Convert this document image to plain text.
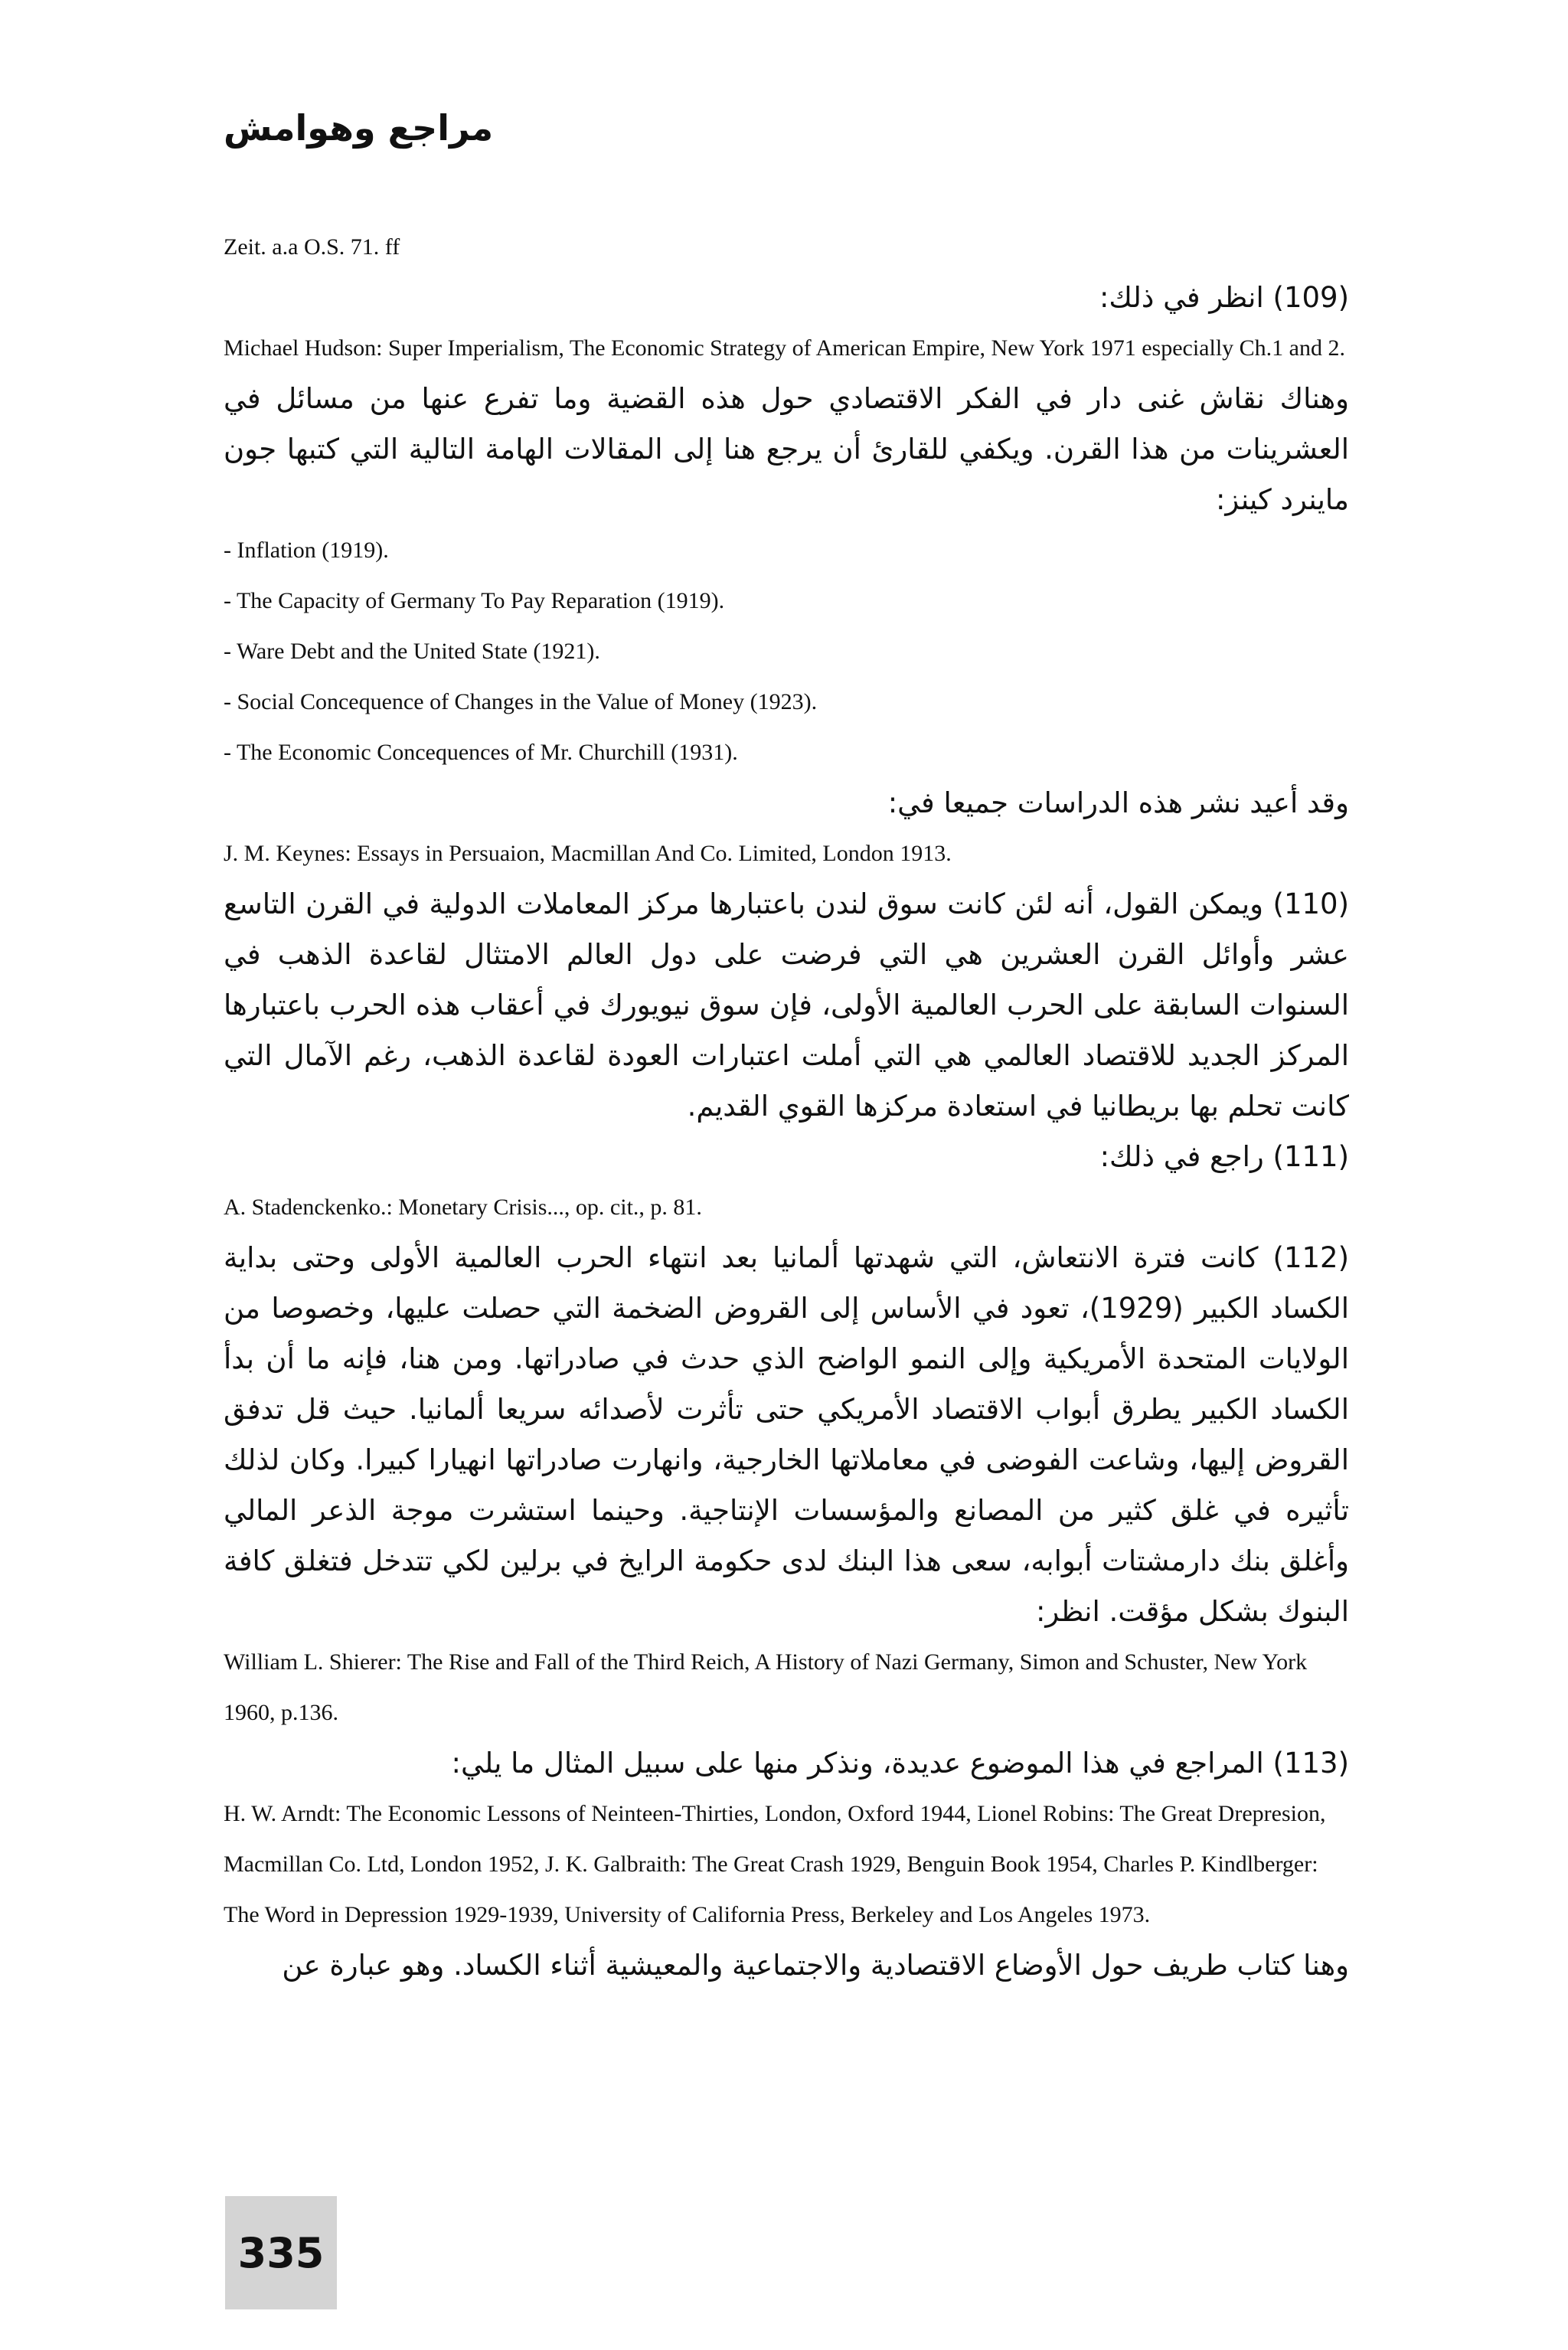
مراجع وهوامش

Zeit. a.a O.S. 71. ff

(109) انظر في ذلك:

Michael Hudson: Super Imperialism, The Economic Strategy of American Empire, New York 1971 especially Ch.1 and 2.

وهناك نقاش غنى دار في الفكر الاقتصادي حول هذه القضية وما تفرع عنها من مسائل في العشرينات من هذا القرن. ويكفي للقارئ أن يرجع هنا إلى المقالات الهامة التالية التي كتبها جون ماينرد كينز:

- Inflation (1919).

- The Capacity of Germany To Pay Reparation (1919).

- Ware Debt and the United State (1921).

- Social Concequence of Changes in the Value of Money (1923).

- The Economic Concequences of Mr. Churchill (1931).

وقد أعيد نشر هذه الدراسات جميعا في:

J. M. Keynes: Essays in Persuaion, Macmillan And Co. Limited, London 1913.

(110) ويمكن القول، أنه لئن كانت سوق لندن باعتبارها مركز المعاملات الدولية في القرن التاسع عشر وأوائل القرن العشرين هي التي فرضت على دول العالم الامتثال لقاعدة الذهب في السنوات السابقة على الحرب العالمية الأولى، فإن سوق نيويورك في أعقاب هذه الحرب باعتبارها المركز الجديد للاقتصاد العالمي هي التي أملت اعتبارات العودة لقاعدة الذهب، رغم الآمال التي كانت تحلم بها بريطانيا في استعادة مركزها القوي القديم.

(111) راجع في ذلك:

A. Stadenckenko.: Monetary Crisis..., op. cit., p. 81.

(112) كانت فترة الانتعاش، التي شهدتها ألمانيا بعد انتهاء الحرب العالمية الأولى وحتى بداية الكساد الكبير (1929)، تعود في الأساس إلى القروض الضخمة التي حصلت عليها، وخصوصا من الولايات المتحدة الأمريكية وإلى النمو الواضح الذي حدث في صادراتها. ومن هنا، فإنه ما أن بدأ الكساد الكبير يطرق أبواب الاقتصاد الأمريكي حتى تأثرت لأصدائه سريعا ألمانيا. حيث قل تدفق القروض إليها، وشاعت الفوضى في معاملاتها الخارجية، وانهارت صادراتها انهيارا كبيرا. وكان لذلك تأثيره في غلق كثير من المصانع والمؤسسات الإنتاجية. وحينما استشرت موجة الذعر المالي وأغلق بنك دارمشتات أبوابه، سعى هذا البنك لدى حكومة الرايخ في برلين لكي تتدخل فتغلق كافة البنوك بشكل مؤقت. انظر:

William L. Shierer: The Rise and Fall of the Third Reich, A History of Nazi Germany, Simon and Schuster, New York 1960, p.136.

(113) المراجع في هذا الموضوع عديدة، ونذكر منها على سبيل المثال ما يلي:

H. W. Arndt: The Economic Lessons of Neinteen-Thirties, London, Oxford 1944, Lionel Robins: The Great Drepresion, Macmillan Co. Ltd, London 1952, J. K. Galbraith: The Great Crash 1929, Benguin Book 1954, Charles P. Kindlberger: The Word in Depression 1929-1939, University of California Press, Berkeley and Los Angeles 1973.

وهنا كتاب طريف حول الأوضاع الاقتصادية والاجتماعية والمعيشية أثناء الكساد. وهو عبارة عن

335
